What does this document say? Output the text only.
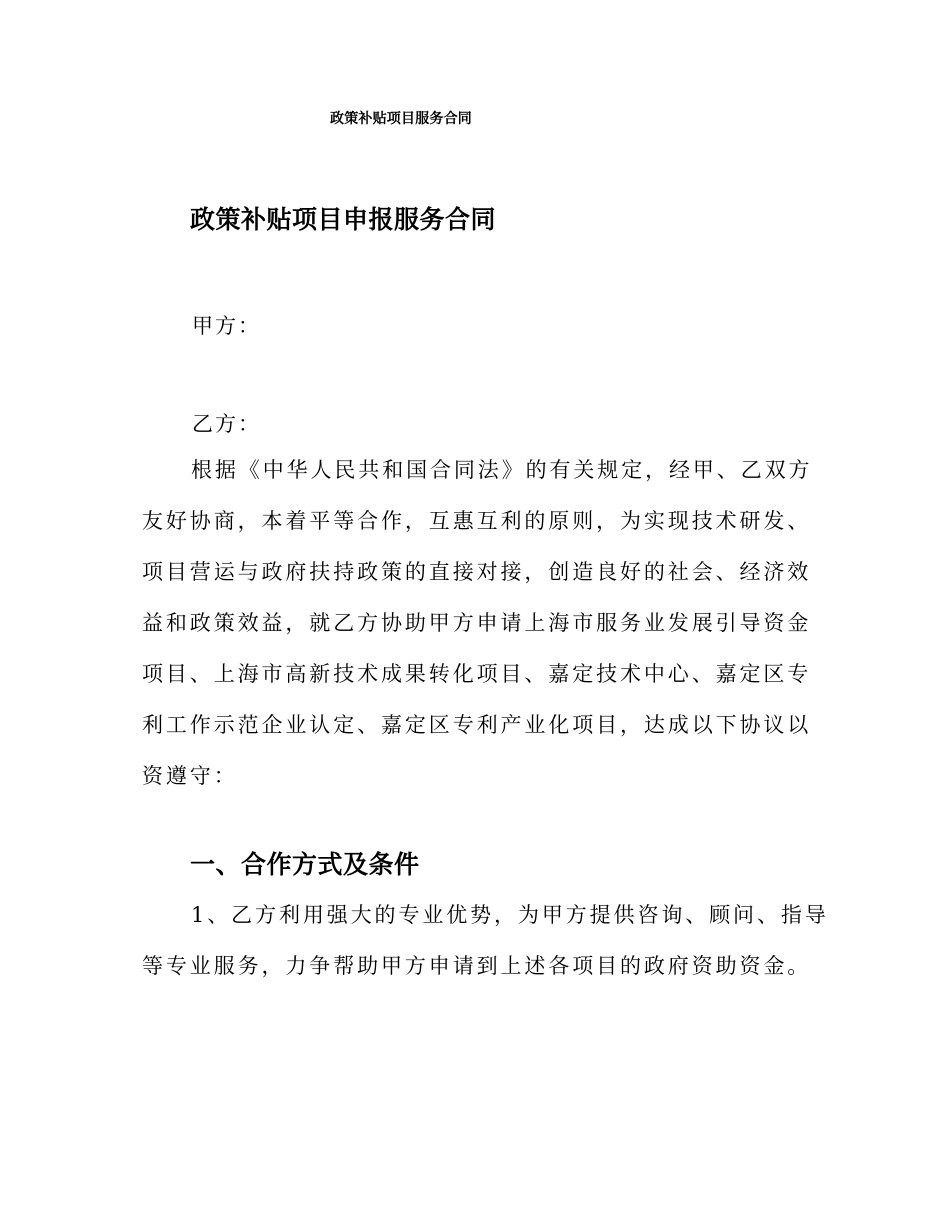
政策补贴项目服务合同
政策补贴项目申报服务合同
甲方：
乙方：

根据《中华人民共和国合同法》的有关规定，经甲、乙双方友好协商，本着平等合作，互惠互利的原则，为实现技术研发、项目营运与政府扶持政策的直接对接，创造良好的社会、经济效益和政策效益，就乙方协助甲方申请上海市服务业发展引导资金项目、上海市高新技术成果转化项目、嘉定技术中心、嘉定区专利工作示范企业认定、嘉定区专利产业化项目，达成以下协议以资遵守：

一、合作方式及条件

1、乙方利用强大的专业优势，为甲方提供咨询、顾问、指导等专业服务，力争帮助甲方申请到上述各项目的政府资助资金。
